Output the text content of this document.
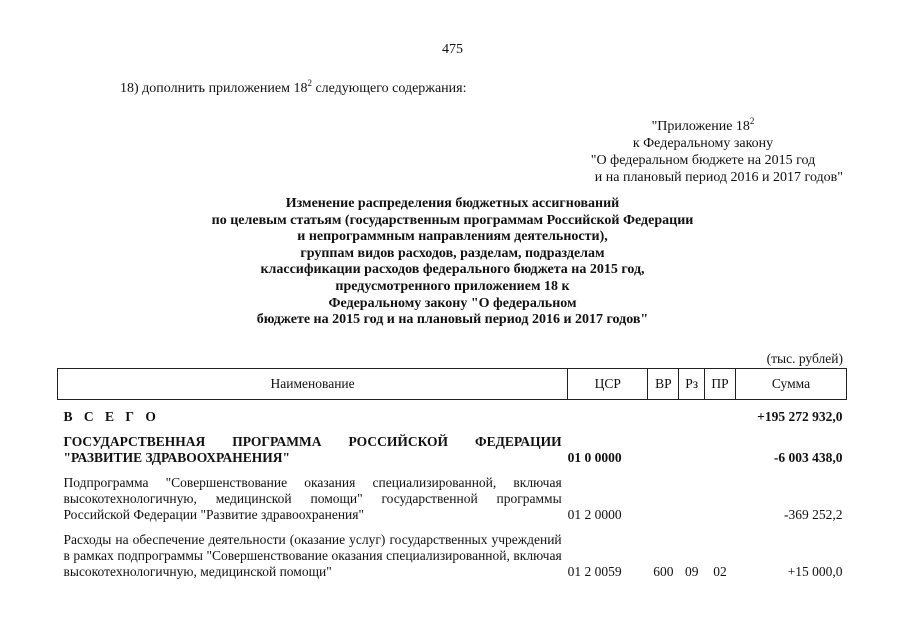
475
18) дополнить приложением $18^2$ следующего содержания:
"Приложение $18^2$
к Федеральному закону
"О федеральном бюджете на 2015 год
и на плановый период 2016 и 2017 годов"
Изменение распределения бюджетных ассигнований
по целевым статьям (государственным программам Российской Федерации
и непрограммным направлениям деятельности),
группам видов расходов, разделам, подразделам
классификации расходов федерального бюджета на 2015 год,
предусмотренного приложением 18 к
Федеральному закону "О федеральном
бюджете на 2015 год и на плановый период 2016 и 2017 годов"
(тыс. рублей)
Наименование	ЦСР	ВР	Рз	ПР	Сумма

В С Е Г О					+195 272 932,0

ГОСУДАРСТВЕННАЯ ПРОГРАММА РОССИЙСКОЙ ФЕДЕРАЦИИ "РАЗВИТИЕ ЗДРАВООХРАНЕНИЯ"	01 0 0000				-6 003 438,0

Подпрограмма "Совершенствование оказания специализированной, включая высокотехнологичную, медицинской помощи" государственной программы Российской Федерации "Развитие здравоохранения"	01 2 0000				-369 252,2

Расходы на обеспечение деятельности (оказание услуг) государственных учреждений в рамках подпрограммы "Совершенствование оказания специализированной, включая высокотехнологичную, медицинской помощи"	01 2 0059	600	09	02	+15 000,0
